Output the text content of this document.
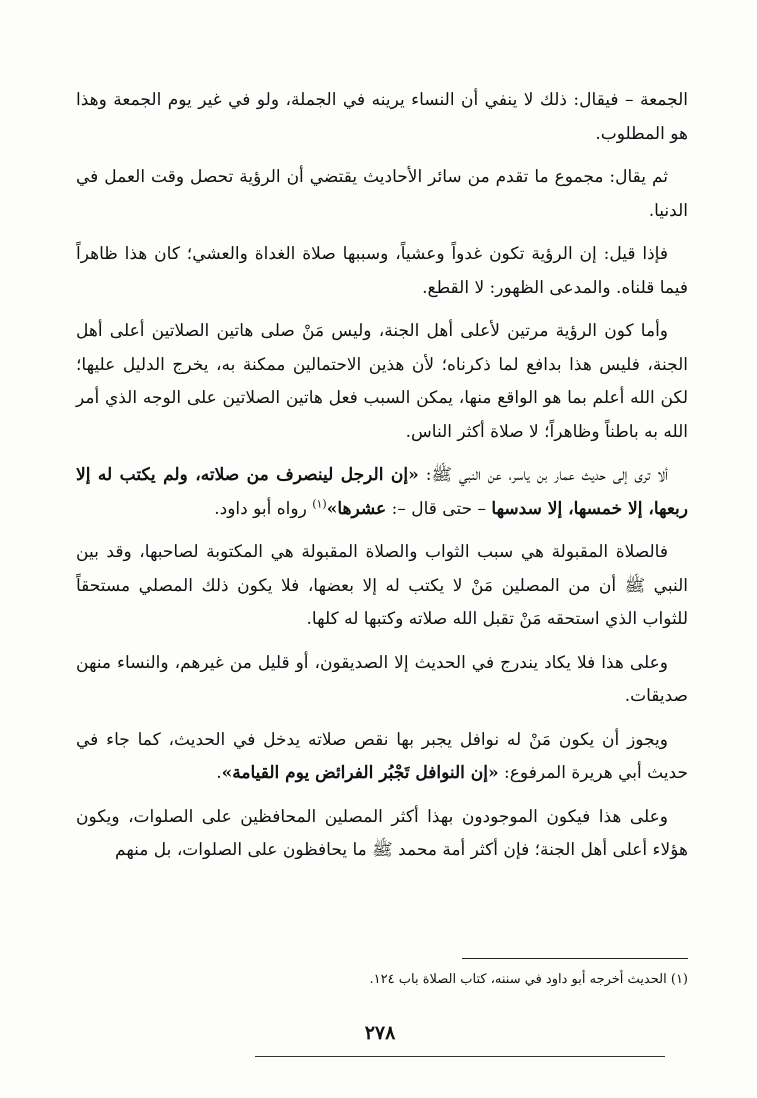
الجمعة – فيقال: ذلك لا ينفي أن النساء يرينه في الجملة، ولو في غير يوم الجمعة وهذا هو المطلوب.

ثم يقال: مجموع ما تقدم من سائر الأحاديث يقتضي أن الرؤية تحصل وقت العمل في الدنيا.

فإذا قيل: إن الرؤية تكون غدواً وعشياً، وسببها صلاة الغداة والعشي؛ كان هذا ظاهراً فيما قلناه. والمدعى الظهور: لا القطع.

وأما كون الرؤية مرتين لأعلى أهل الجنة، وليس مَنْ صلى هاتين الصلاتين أعلى أهل الجنة، فليس هذا بدافع لما ذكرناه؛ لأن هذين الاحتمالين ممكنة به، يخرج الدليل عليها؛ لكن الله أعلم بما هو الواقع منها، يمكن السبب فعل هاتين الصلاتين على الوجه الذي أمر الله به باطناً وظاهراً؛ لا صلاة أكثر الناس.

ألا ترى إلى حديث عمار بن ياسر، عن النبي ﷺ: «إن الرجل لينصرف من صلاته، ولم يكتب له إلا ربعها، إلا خمسها، إلا سدسها – حتى قال –: عشرها»$^{(١)}$ رواه أبو داود.

فالصلاة المقبولة هي سبب الثواب والصلاة المقبولة هي المكتوبة لصاحبها، وقد بين النبي ﷺ أن من المصلين مَنْ لا يكتب له إلا بعضها، فلا يكون ذلك المصلي مستحقاً للثواب الذي استحقه مَنْ تقبل الله صلاته وكتبها له كلها.

وعلى هذا فلا يكاد يندرج في الحديث إلا الصديقون، أو قليل من غيرهم، والنساء منهن صديقات.

ويجوز أن يكون مَنْ له نوافل يجبر بها نقص صلاته يدخل في الحديث، كما جاء في حديث أبي هريرة المرفوع: «إن النوافل تَجْبُر الفرائض يوم القيامة».

وعلى هذا فيكون الموجودون بهذا أكثر المصلين المحافظين على الصلوات، ويكون هؤلاء أعلى أهل الجنة؛ فإن أكثر أمة محمد ﷺ ما يحافظون على الصلوات، بل منهم

(١) الحديث أخرجه أبو داود في سننه، كتاب الصلاة باب ١٢٤.
٢٧٨
